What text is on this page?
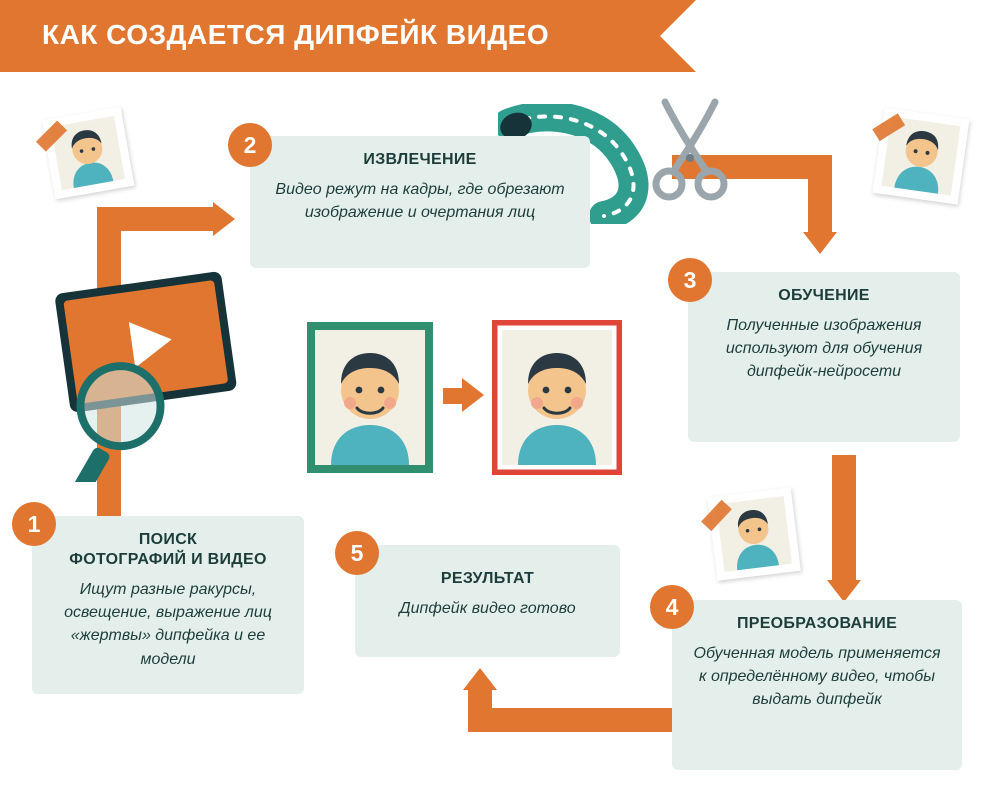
КАК СОЗДАЕТСЯ ДИПФЕЙК ВИДЕО
2
ИЗВЛЕЧЕНИЕ
Видео режут на кадры, где обрезают изображение и очертания лиц
3
ОБУЧЕНИЕ
Полученные изображения используют для обучения дипфейк-нейросети
4
ПРЕОБРАЗОВАНИЕ
Обученная модель применяется к определённому видео, чтобы выдать дипфейк
5
РЕЗУЛЬТАТ
Дипфейк видео готово
1
ПОИСК
ФОТОГРАФИЙ И ВИДЕО
Ищут разные ракурсы, освещение, выражение лиц «жертвы» дипфейка и ее модели
